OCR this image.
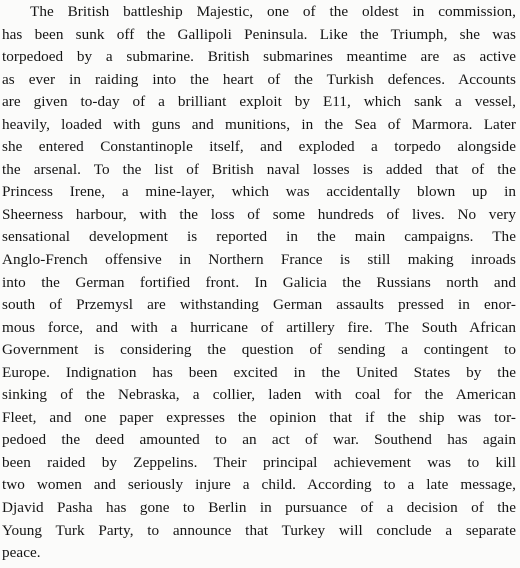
The British battleship Majestic, one of the oldest in commission,
has been sunk off the Gallipoli Peninsula. Like the Triumph, she was
torpedoed by a submarine. British submarines meantime are as active
as ever in raiding into the heart of the Turkish defences. Accounts
are given to-day of a brilliant exploit by E11, which sank a vessel,
heavily, loaded with guns and munitions, in the Sea of Marmora. Later
she entered Constantinople itself, and exploded a torpedo alongside
the arsenal. To the list of British naval losses is added that of the
Princess Irene, a mine-layer, which was accidentally blown up in
Sheerness harbour, with the loss of some hundreds of lives. No very
sensational development is reported in the main campaigns. The
Anglo-French offensive in Northern France is still making inroads
into the German fortified front. In Galicia the Russians north and
south of Przemysl are withstanding German assaults pressed in enor-
mous force, and with a hurricane of artillery fire. The South African
Government is considering the question of sending a contingent to
Europe. Indignation has been excited in the United States by the
sinking of the Nebraska, a collier, laden with coal for the American
Fleet, and one paper expresses the opinion that if the ship was tor-
pedoed the deed amounted to an act of war. Southend has again
been raided by Zeppelins. Their principal achievement was to kill
two women and seriously injure a child. According to a late message,
Djavid Pasha has gone to Berlin in pursuance of a decision of the
Young Turk Party, to announce that Turkey will conclude a separate
peace.
